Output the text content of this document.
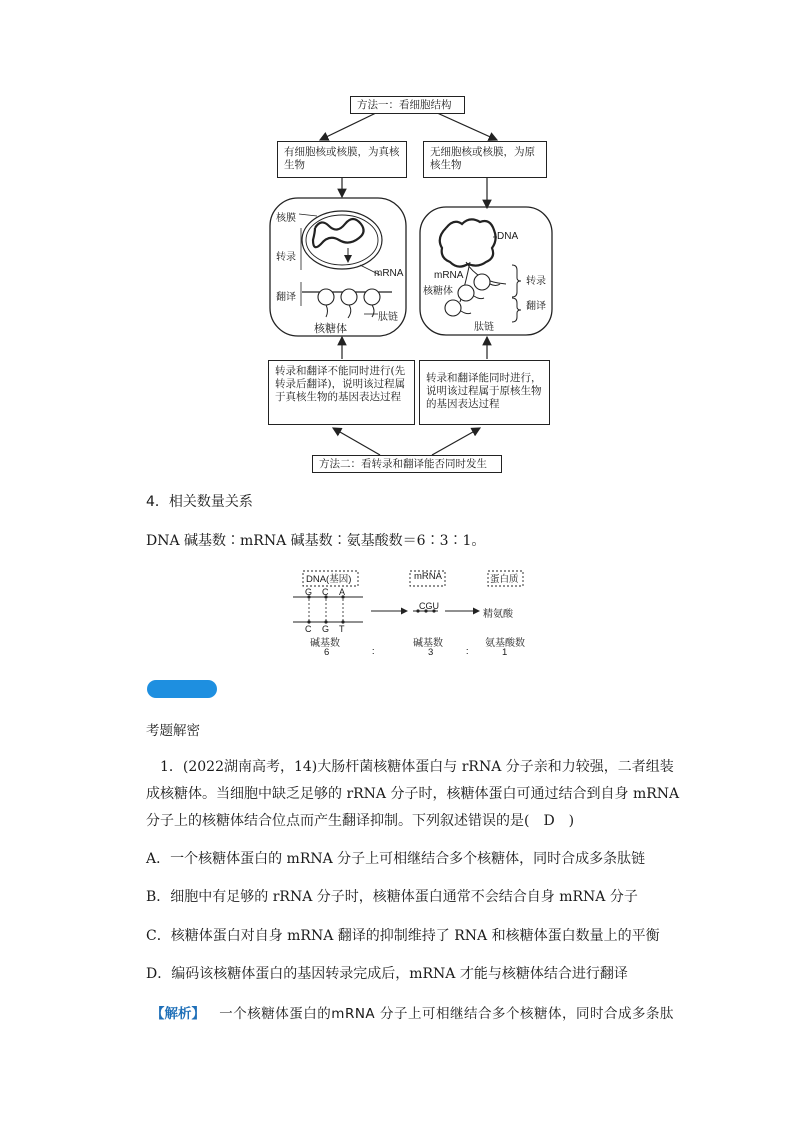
方法一：看细胞结构
有细胞核或核膜，为真核生物
无细胞核或核膜，为原核生物
核膜
转录
翻译
mRNA
肽链
核糖体
DNA
mRNA
核糖体
转录
翻译
肽链
转录和翻译不能同时进行(先转录后翻译)，说明该过程属于真核生物的基因表达过程
转录和翻译能同时进行，说明该过程属于原核生物的基因表达过程
方法二：看转录和翻译能否同时发生
4．相关数量关系
DNA 碱基数∶mRNA 碱基数∶氨基酸数＝6∶3∶1。
DNA(基因)	mRNA	蛋白质
G C A
C G T
CGU
精氨酸
碱基数	碱基数	氨基酸数
6	3	1
∶	∶
考题解密
1．(2022湖南高考，14)大肠杆菌核糖体蛋白与 rRNA 分子亲和力较强，二者组装成核糖体。当细胞中缺乏足够的 rRNA 分子时，核糖体蛋白可通过结合到自身 mRNA 分子上的核糖体结合位点而产生翻译抑制。下列叙述错误的是(　D　)
A．一个核糖体蛋白的 mRNA 分子上可相继结合多个核糖体，同时合成多条肽链
B．细胞中有足够的 rRNA 分子时，核糖体蛋白通常不会结合自身 mRNA 分子
C．核糖体蛋白对自身 mRNA 翻译的抑制维持了 RNA 和核糖体蛋白数量上的平衡
D．编码该核糖体蛋白的基因转录完成后，mRNA 才能与核糖体结合进行翻译
【解析】 一个核糖体蛋白的mRNA 分子上可相继结合多个核糖体，同时合成多条肽
